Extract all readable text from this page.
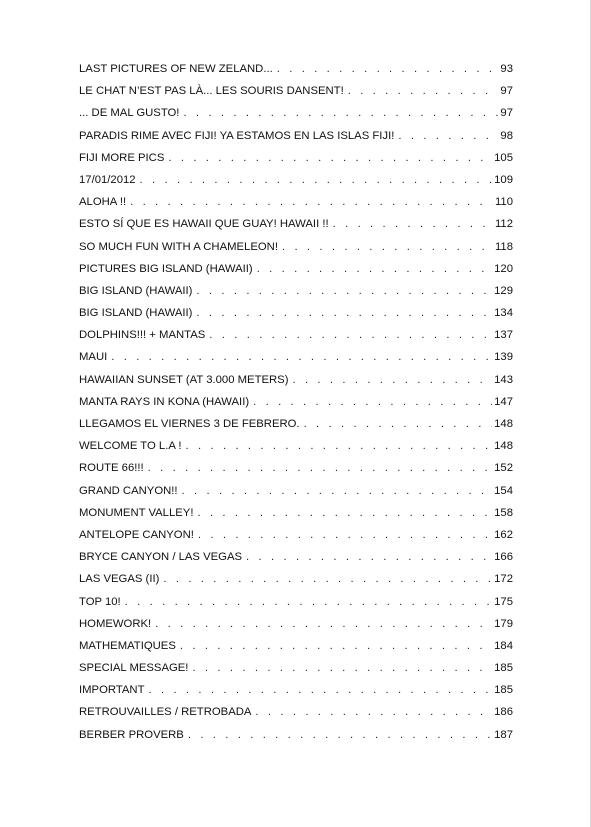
LAST PICTURES OF NEW ZELAND... . . .	93
LE CHAT N’EST PAS LÀ... LES SOURIS DANSENT! . . .	97
... DE MAL GUSTO! . . .	97
PARADIS RIME AVEC FIJI! YA ESTAMOS EN LAS ISLAS FIJI! . . .	98
FIJI MORE PICS . . .	105
17/01/2012 . . .	109
ALOHA !! . . .	110
ESTO SÍ QUE ES HAWAII QUE GUAY! HAWAII !! . . .	112
SO MUCH FUN WITH A CHAMELEON! . . .	118
PICTURES BIG ISLAND (HAWAII) . . .	120
BIG ISLAND (HAWAII) . . .	129
BIG ISLAND (HAWAII) . . .	134
DOLPHINS!!! + MANTAS . . .	137
MAUI . . .	139
HAWAIIAN SUNSET (AT 3.000 METERS) . . .	143
MANTA RAYS IN KONA (HAWAII) . . .	147
LLEGAMOS EL VIERNES 3 DE FEBRERO. . . .	148
WELCOME TO L.A ! . . .	148
ROUTE 66!!! . . .	152
GRAND CANYON!! . . .	154
MONUMENT VALLEY! . . .	158
ANTELOPE CANYON! . . .	162
BRYCE CANYON / LAS VEGAS . . .	166
LAS VEGAS (II) . . .	172
TOP 10! . . .	175
HOMEWORK! . . .	179
MATHEMATIQUES . . .	184
SPECIAL MESSAGE! . . .	185
IMPORTANT . . .	185
RETROUVAILLES / RETROBADA . . .	186
BERBER PROVERB . . .	187
